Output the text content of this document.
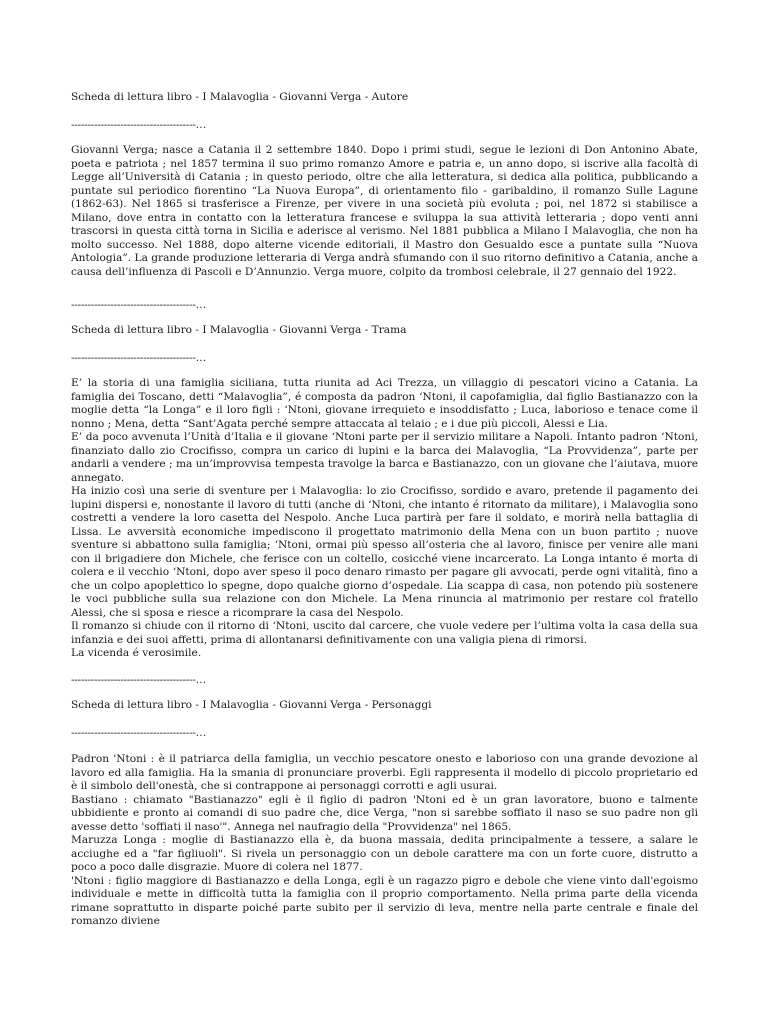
Scheda di lettura libro - I Malavoglia - Giovanni Verga - Autore
--------------------------------------…

Giovanni Verga; nasce a Catania il 2 settembre 1840. Dopo i primi studi, segue le lezioni di Don Antonino Abate, poeta e patriota ; nel 1857 termina il suo primo romanzo Amore e patria e, un anno dopo, si iscrive alla facoltà di Legge all’Università di Catania ; in questo periodo, oltre che alla letteratura, si dedica alla politica, pubblicando a puntate sul periodico fiorentino “La Nuova Europa”, di orientamento filo - garibaldino, il romanzo Sulle Lagune (1862-63). Nel 1865 si trasferisce a Firenze, per vivere in una società più evoluta ; poi, nel 1872 si stabilisce a Milano, dove entra in contatto con la letteratura francese e sviluppa la sua attività letteraria ; dopo venti anni trascorsi in questa città torna in Sicilia e aderisce al verismo. Nel 1881 pubblica a Milano I Malavoglia, che non ha molto successo. Nel 1888, dopo alterne vicende editoriali, il Mastro don Gesualdo esce a puntate sulla “Nuova Antologia”. La grande produzione letteraria di Verga andrà sfumando con il suo ritorno definitivo a Catania, anche a causa dell’influenza di Pascoli e D’Annunzio. Verga muore, colpito da trombosi celebrale, il 27 gennaio del 1922.

--------------------------------------…
Scheda di lettura libro - I Malavoglia - Giovanni Verga - Trama
--------------------------------------…

E’ la storia di una famiglia siciliana, tutta riunita ad Aci Trezza, un villaggio di pescatori vicino a Catania. La famiglia dei Toscano, detti “Malavoglia”, é composta da padron ‘Ntoni, il capofamiglia, dal figlio Bastianazzo con la moglie detta “la Longa” e il loro figli : ‘Ntoni, giovane irrequieto e insoddisfatto ; Luca, laborioso e tenace come il nonno ; Mena, detta “Sant’Agata perché sempre attaccata al telaio ; e i due più piccoli, Alessi e Lia.

E’ da poco avvenuta l’Unità d’Italia e il giovane ‘Ntoni parte per il servizio militare a Napoli. Intanto padron ‘Ntoni, finanziato dallo zio Crocifisso, compra un carico di lupini e la barca dei Malavoglia, “La Provvidenza”, parte per andarli a vendere ; ma un’improvvisa tempesta travolge la barca e Bastianazzo, con un giovane che l’aiutava, muore annegato.

Ha inizio così una serie di sventure per i Malavoglia: lo zio Crocifisso, sordido e avaro, pretende il pagamento dei lupini dispersi e, nonostante il lavoro di tutti (anche di ‘Ntoni, che intanto é ritornato da militare), i Malavoglia sono costretti a vendere la loro casetta del Nespolo. Anche Luca partirà per fare il soldato, e morirà nella battaglia di Lissa. Le avversità economiche impediscono il progettato matrimonio della Mena con un buon partito ; nuove sventure si abbattono sulla famiglia; ‘Ntoni, ormai più spesso all’osteria che al lavoro, finisce per venire alle mani con il brigadiere don Michele, che ferisce con un coltello, cosicché viene incarcerato. La Longa intanto é morta di colera e il vecchio ‘Ntoni, dopo aver speso il poco denaro rimasto per pagare gli avvocati, perde ogni vitalità, fino a che un colpo apoplettico lo spegne, dopo qualche giorno d’ospedale. Lia scappa di casa, non potendo più sostenere le voci pubbliche sulla sua relazione con don Michele. La Mena rinuncia al matrimonio per restare col fratello Alessi, che si sposa e riesce a ricomprare la casa del Nespolo.

Il romanzo si chiude con il ritorno di ‘Ntoni, uscito dal carcere, che vuole vedere per l’ultima volta la casa della sua infanzia e dei suoi affetti, prima di allontanarsi definitivamente con una valigia piena di rimorsi.

La vicenda é verosimile.

--------------------------------------…
Scheda di lettura libro - I Malavoglia - Giovanni Verga - Personaggi
--------------------------------------…

Padron 'Ntoni : è il patriarca della famiglia, un vecchio pescatore onesto e laborioso con una grande devozione al lavoro ed alla famiglia. Ha la smania di pronunciare proverbi. Egli rappresenta il modello di piccolo proprietario ed è il simbolo dell'onestà, che si contrappone ai personaggi corrotti e agli usurai.

Bastiano : chiamato "Bastianazzo" egli è il figlio di padron 'Ntoni ed è un gran lavoratore, buono e talmente ubbidiente e pronto ai comandi di suo padre che, dice Verga, "non si sarebbe soffiato il naso se suo padre non gli avesse detto 'soffiati il naso'". Annega nel naufragio della "Provvidenza" nel 1865.

Maruzza Longa : moglie di Bastianazzo ella è, da buona massaia, dedita principalmente a tessere, a salare le acciughe ed a "far figliuoli". Si rivela un personaggio con un debole carattere ma con un forte cuore, distrutto a poco a poco dalle disgrazie. Muore di colera nel 1877.

'Ntoni : figlio maggiore di Bastianazzo e della Longa, egli è un ragazzo pigro e debole che viene vinto dall'egoismo individuale e mette in difficoltà tutta la famiglia con il proprio comportamento. Nella prima parte della vicenda rimane soprattutto in disparte poiché parte subito per il servizio di leva, mentre nella parte centrale e finale del romanzo diviene
